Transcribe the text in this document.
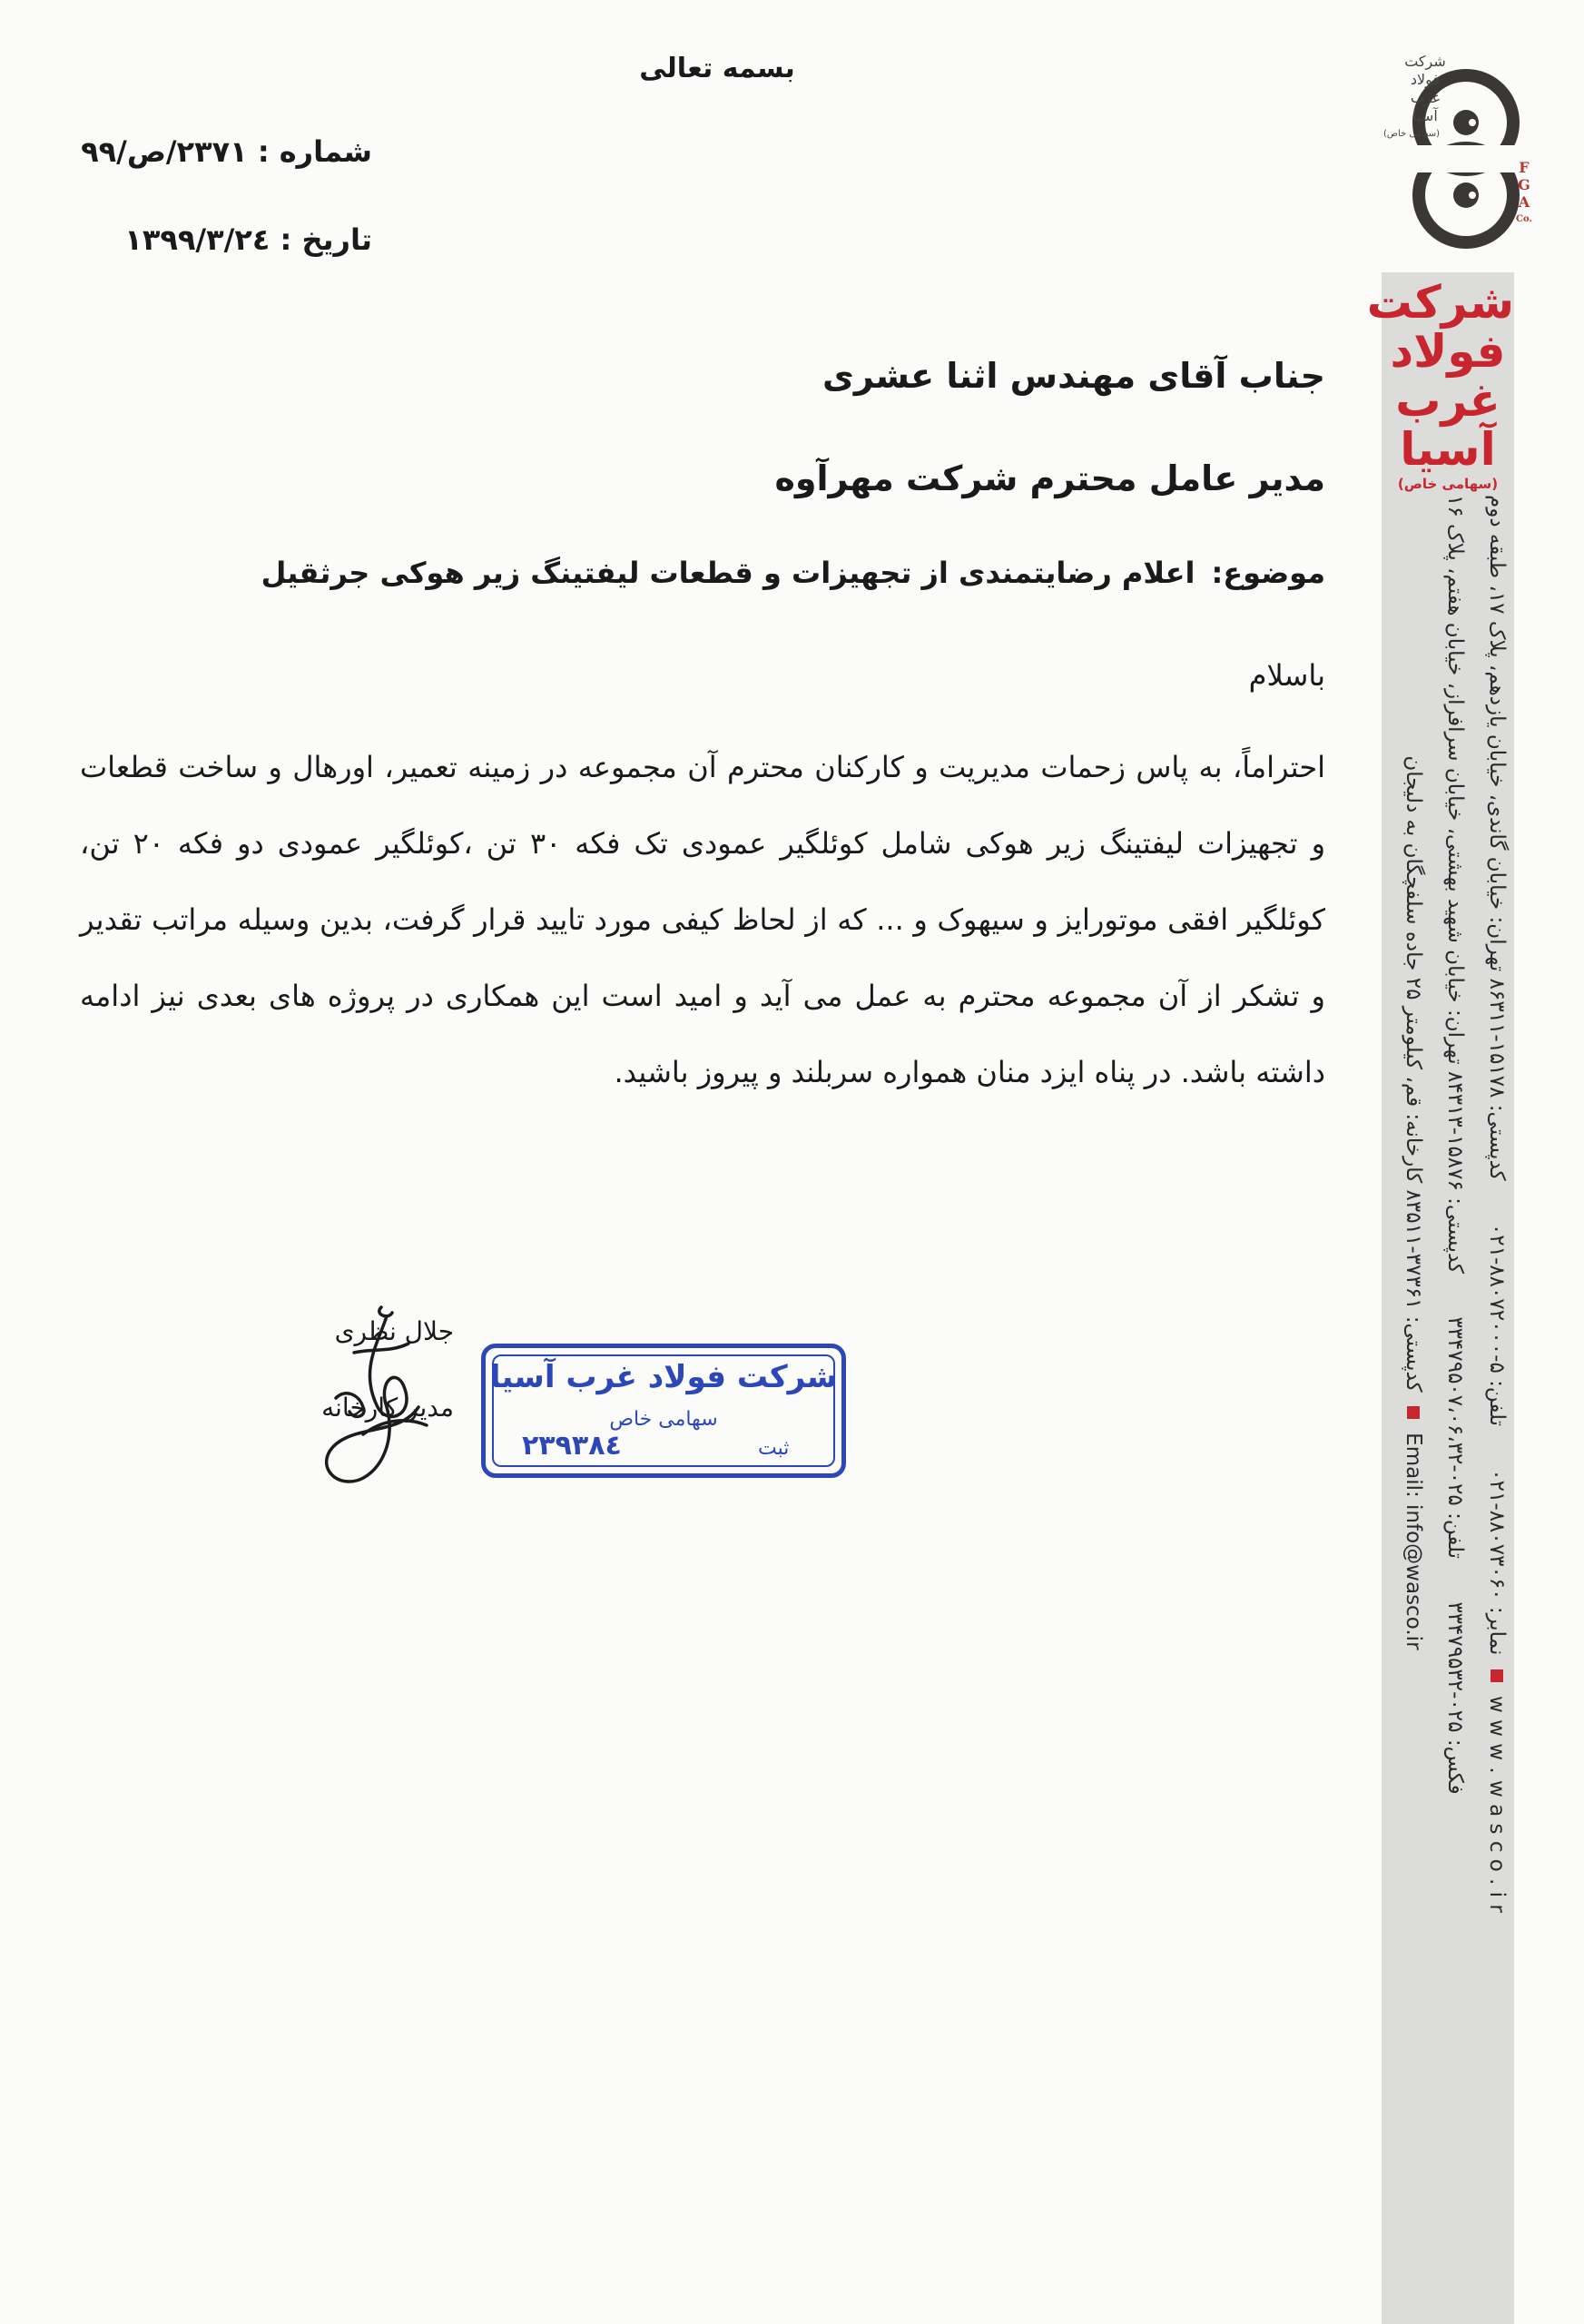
بسمه تعالی
شماره : ۲۳۷۱/ص/۹۹
تاریخ : ۱۳۹۹/۳/۲٤
جناب آقای مهندس اثنا عشری
مدیر عامل محترم شرکت مهرآوه
موضوع:اعلام رضایتمندی از تجهیزات و قطعات لیفتینگ زیر هوکی جرثقیل
باسلام
احتراماً، به پاس زحمات مدیریت و کارکنان محترم آن مجموعه در زمینه تعمیر، اورهال و ساخت قطعات و تجهیزات لیفتینگ زیر هوکی شامل کوئلگیر عمودی تک فکه ۳۰ تن ،کوئلگیر عمودی دو فکه ۲۰ تن، کوئلگیر افقی موتورایز و سیهوک و ... که از لحاظ کیفی مورد تایید قرار گرفت، بدین وسیله مراتب تقدیر و تشکر از آن مجموعه محترم به عمل می آید و امید است این همکاری در پروژه های بعدی نیز ادامه داشته باشد. در پناه ایزد منان همواره سربلند و پیروز باشید.
جلال نظری
مدیر کارخانه
شرکت فولاد غرب آسیا
سهامی خاص
ثبت
۲۳۹۳۸٤
شرکت
فولاد
غرب
آسیا
(سهامی خاص)
F
G
A
Co.
شرکت
فولاد
غرب
آسیا
(سهامی خاص)
نمابر: ۸۸۰۷۳۰۶۰-۰۲۱ تلفن: ۵-۸۸۰۷۲۰۰۰-۰۲۱ کدپستی: ۱۵۱۷۸-۸۶۳۱۱ تهران: خیابان گاندی، خیابان یازدهم، پلاک ۱۷، طبقه دوم  w w w . w a s c o . i r
فکس: ۰۲۵-۳۳۴۷۹۵۳۲ تلفن: ۰۲۵-۳۳۴۷۹۵۰۷،۰۶،۳۲ کدپستی: ۱۵۸۷۶-۸۴۳۱۳ تهران: خیابان شهید بهشتی، خیابان سرافراز، خیابان هفتم، پلاک ۱۶
کدپستی: ۳۷۳۶۱-۸۳۵۱۱ کارخانه: قم، کیلومتر ۲۵ جاده سلفچگان به دلیجان  Email: info@wasco.ir
